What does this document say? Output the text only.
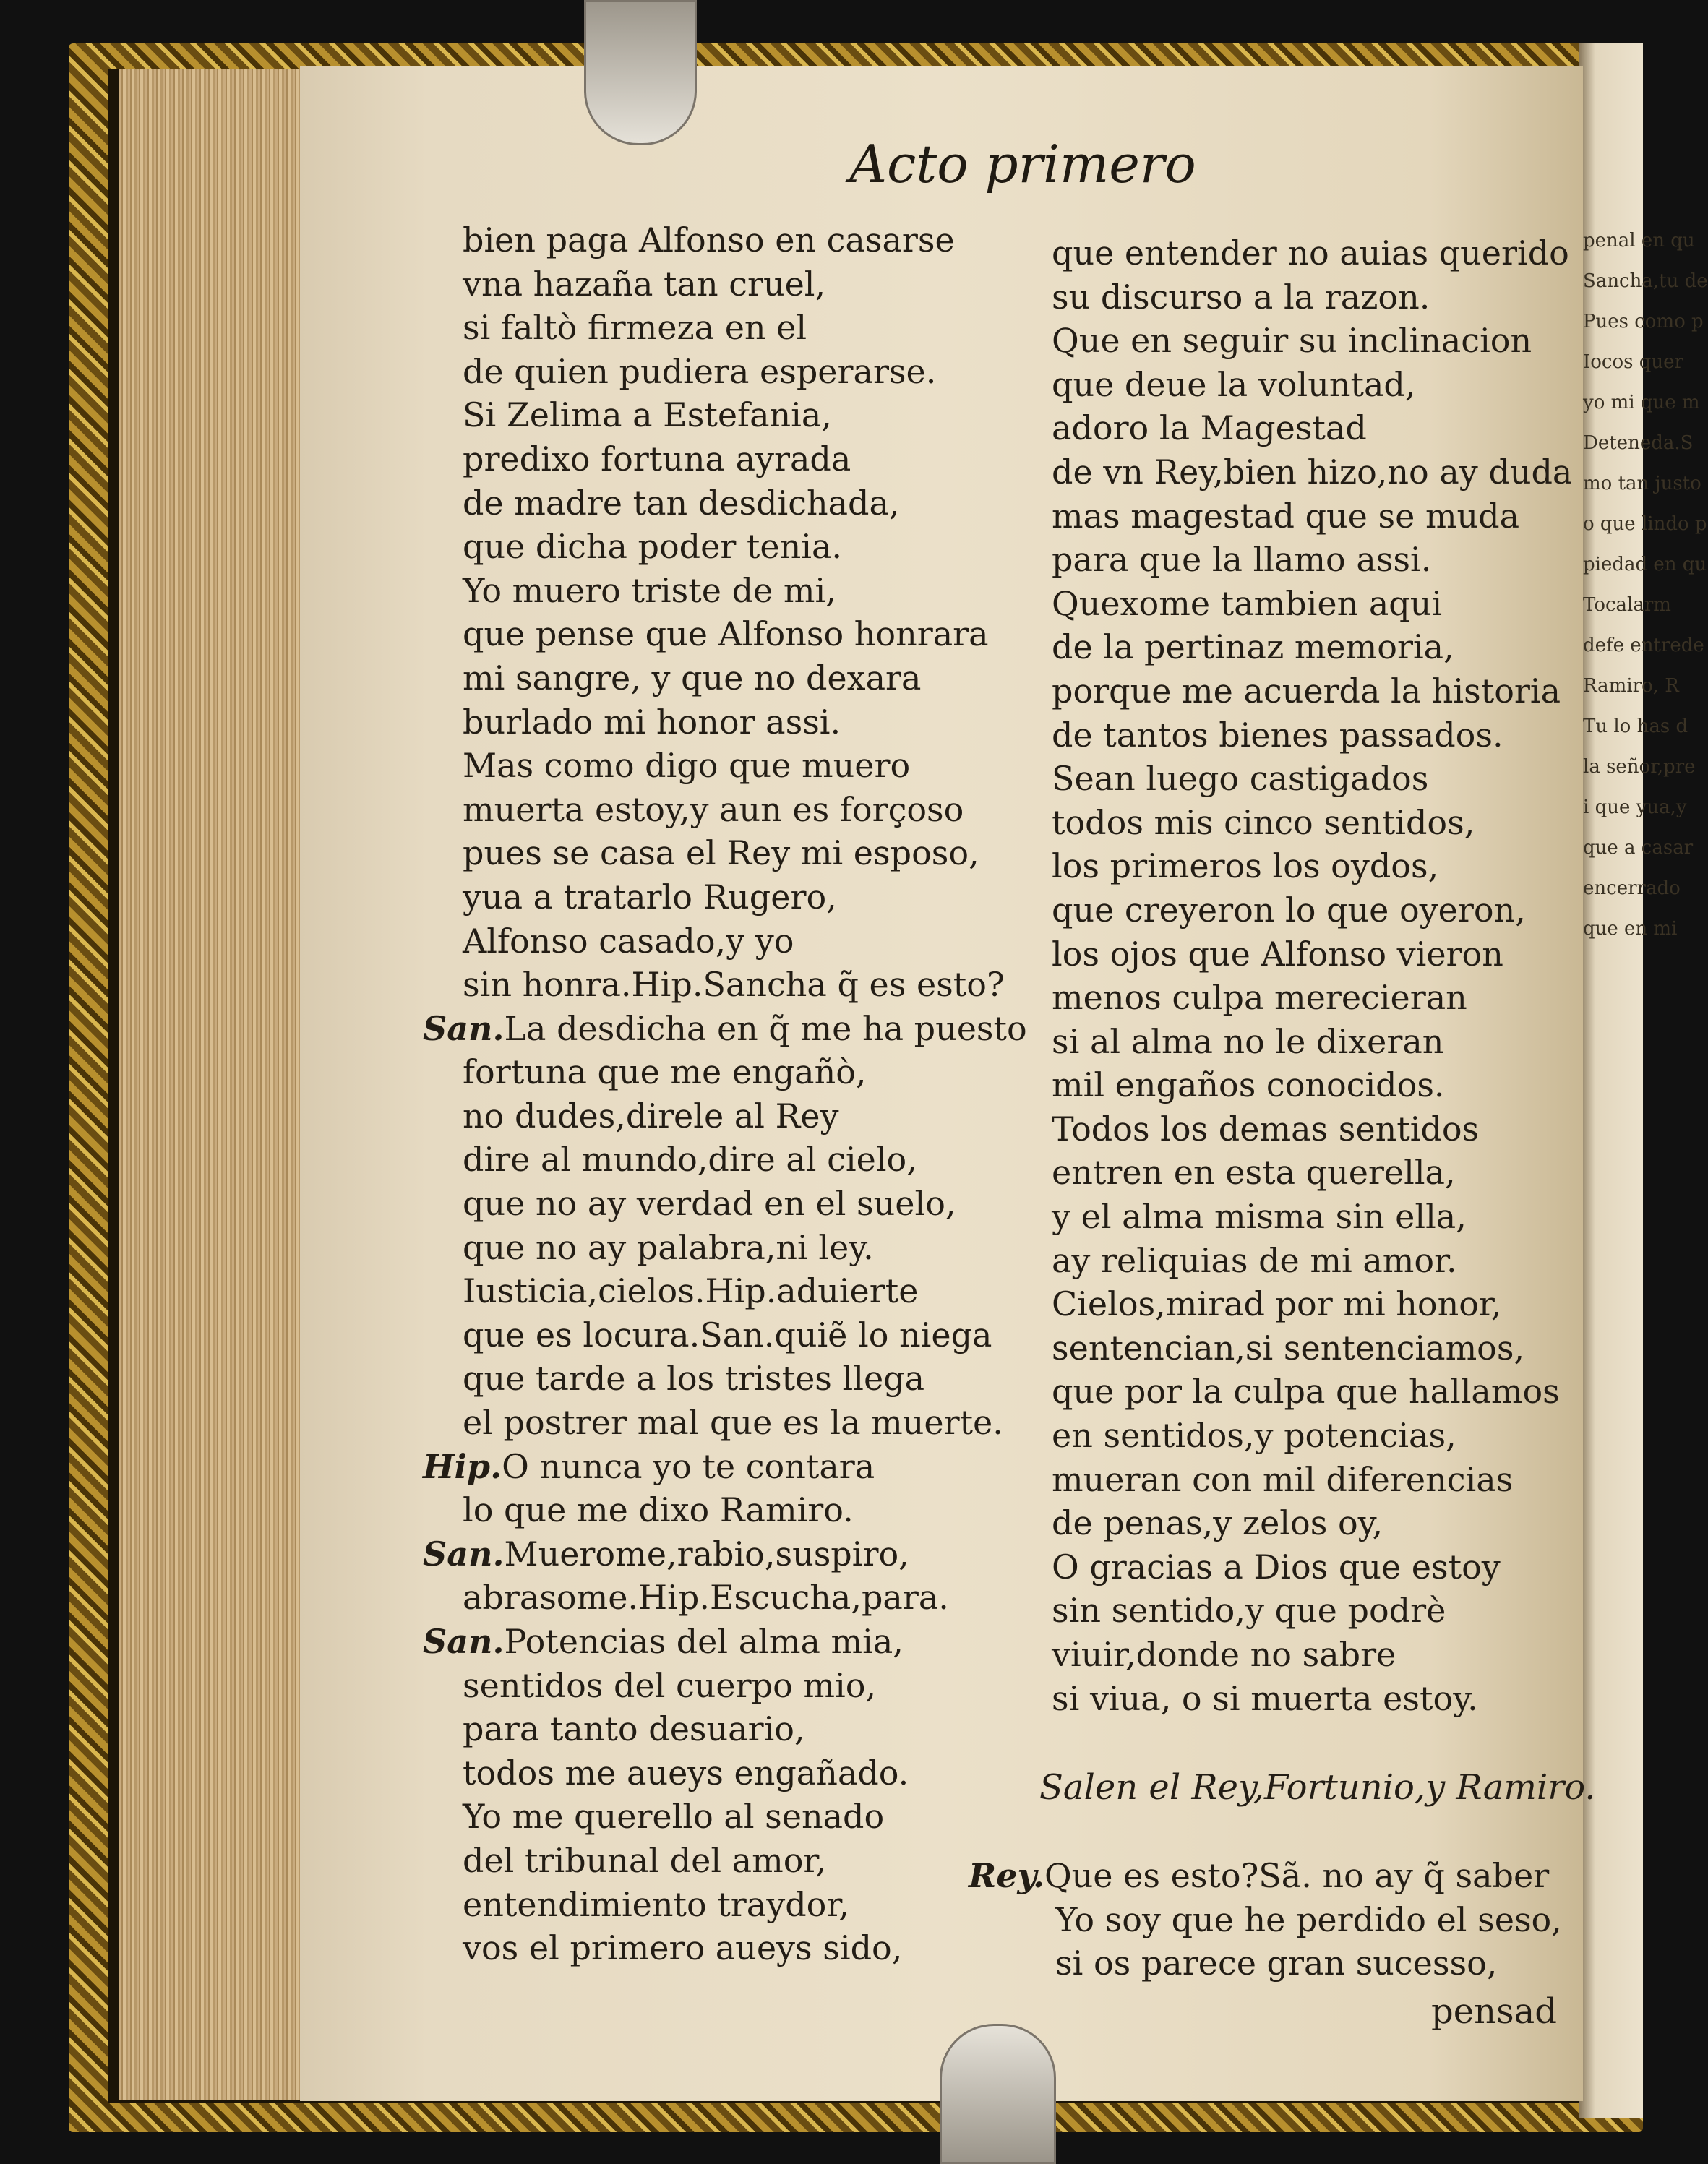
penal en qu
Sancha,tu de
Pues como p
Iocos quer
yo mi que m
Deteneda.S
mo tan justo
o que lindo p
piedad en qu
Tocalarm
defe entrede
Ramiro, R
Tu lo has d
la señor,pre
i que yua,y
que a casar
encerrado
que en mi
Acto primero
bien paga Alfonso en casarse
vna hazaña tan cruel,
si faltò firmeza en el
de quien pudiera esperarse.
Si Zelima a Estefania,
predixo fortuna ayrada
de madre tan desdichada,
que dicha poder tenia.
Yo muero triste de mi,
que pense que Alfonso honrara
mi sangre, y que no dexara
burlado mi honor assi.
Mas como digo que muero
muerta estoy,y aun es forçoso
pues se casa el Rey mi esposo,
yua a tratarlo Rugero,
Alfonso casado,y yo
sin honra.Hip.Sancha q̃ es esto?
San.La desdicha en q̃ me ha puesto
fortuna que me engañò,
no dudes,direle al Rey
dire al mundo,dire al cielo,
que no ay verdad en el suelo,
que no ay palabra,ni ley.
Iusticia,cielos.Hip.aduierte
que es locura.San.quiẽ lo niega
que tarde a los tristes llega
el postrer mal que es la muerte.
Hip.O nunca yo te contara
lo que me dixo Ramiro.
San.Muerome,rabio,suspiro,
abrasome.Hip.Escucha,para.
San.Potencias del alma mia,
sentidos del cuerpo mio,
para tanto desuario,
todos me aueys engañado.
Yo me querello al senado
del tribunal del amor,
entendimiento traydor,
vos el primero aueys sido,
que entender no auias querido
su discurso a la razon.
Que en seguir su inclinacion
que deue la voluntad,
adoro la Magestad
de vn Rey,bien hizo,no ay duda
mas magestad que se muda
para que la llamo assi.
Quexome tambien aqui
de la pertinaz memoria,
porque me acuerda la historia
de tantos bienes passados.
Sean luego castigados
todos mis cinco sentidos,
los primeros los oydos,
que creyeron lo que oyeron,
los ojos que Alfonso vieron
menos culpa merecieran
si al alma no le dixeran
mil engaños conocidos.
Todos los demas sentidos
entren en esta querella,
y el alma misma sin ella,
ay reliquias de mi amor.
Cielos,mirad por mi honor,
sentencian,si sentenciamos,
que por la culpa que hallamos
en sentidos,y potencias,
mueran con mil diferencias
de penas,y zelos oy,
O gracias a Dios que estoy
sin sentido,y que podrè
viuir,donde no sabre
si viua, o si muerta estoy.
Salen el Rey,Fortunio,y Ramiro.
Rey.Que es esto?Sã. no ay q̃ saber
Yo soy que he perdido el seso,
si os parece gran sucesso,
pensad
